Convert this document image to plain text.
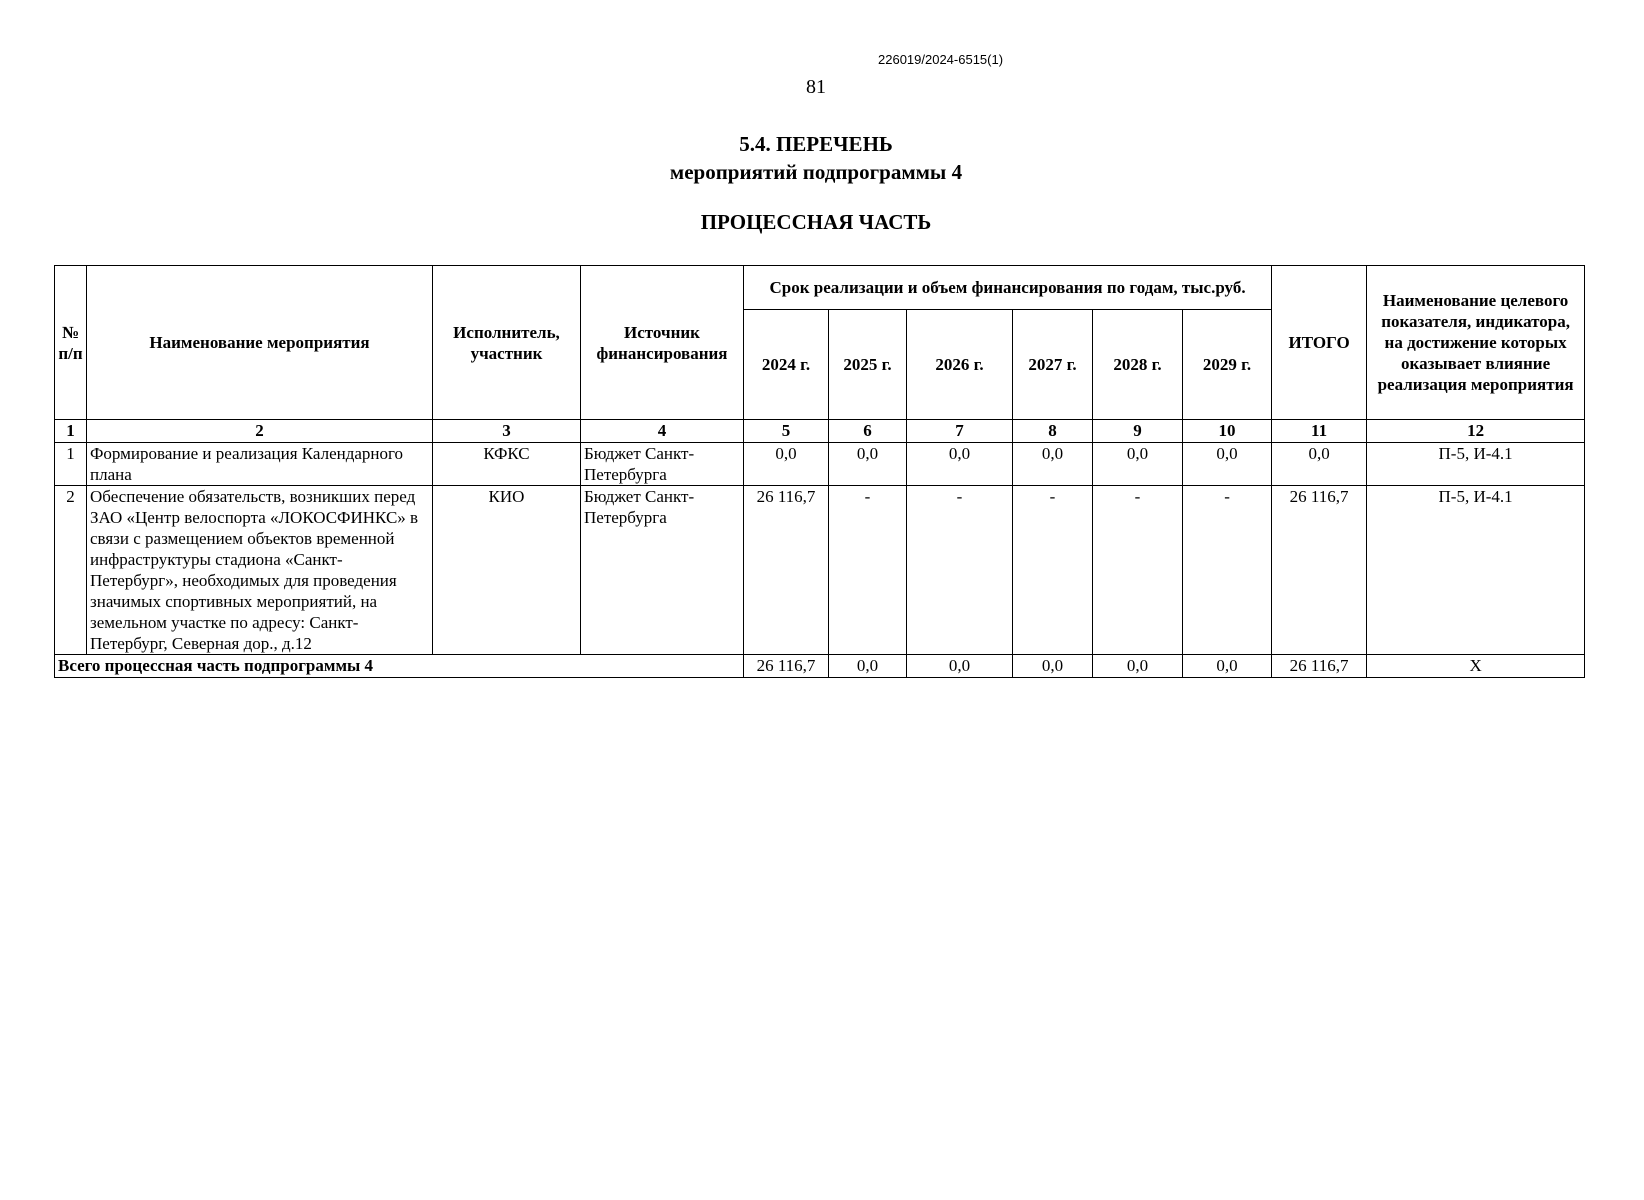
226019/2024-6515(1)
81
5.4. ПЕРЕЧЕНЬ
мероприятий подпрограммы 4
ПРОЦЕССНАЯ ЧАСТЬ
№ п/п	Наименование мероприятия	Исполнитель, участник	Источник финансирования	Срок реализации и объем финансирования по годам, тыс.руб.						ИТОГО	Наименование целевого показателя, индикатора, на достижение которых оказывает влияние реализация мероприятия
				2024 г.	2025 г.	2026 г.	2027 г.	2028 г.	2029 г.		
1	2	3	4	5	6	7	8	9	10	11	12
1	Формирование и реализация Календарного плана	КФКС	Бюджет Санкт-Петербурга	0,0	0,0	0,0	0,0	0,0	0,0	0,0	П-5, И-4.1
2	Обеспечение обязательств, возникших перед ЗАО «Центр велоспорта «ЛОКОСФИНКС» в связи с размещением объектов временной инфраструктуры стадиона «Санкт-Петербург», необходимых для проведения значимых спортивных мероприятий, на земельном участке по адресу: Санкт-Петербург, Северная дор., д.12	КИО	Бюджет Санкт-Петербурга	26 116,7	-	-	-	-	-	26 116,7	П-5, И-4.1
Всего процессная часть подпрограммы 4				26 116,7	0,0	0,0	0,0	0,0	0,0	26 116,7	Х
